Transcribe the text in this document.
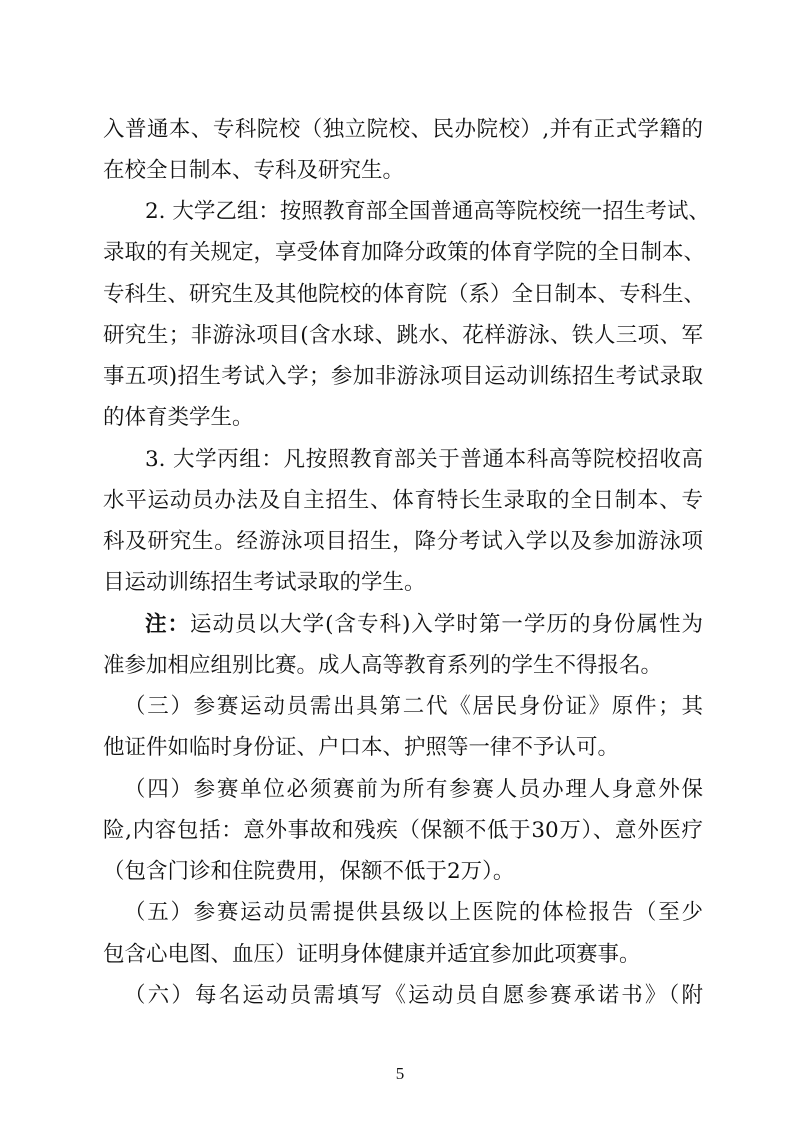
入普通本、专科院校（独立院校、民办院校）,并有正式学籍的
在校全日制本、专科及研究生。
2. 大学乙组：按照教育部全国普通高等院校统一招生考试、
录取的有关规定，享受体育加降分政策的体育学院的全日制本、
专科生、研究生及其他院校的体育院（系）全日制本、专科生、
研究生；非游泳项目(含水球、跳水、花样游泳、铁人三项、军
事五项)招生考试入学；参加非游泳项目运动训练招生考试录取
的体育类学生。
3. 大学丙组：凡按照教育部关于普通本科高等院校招收高
水平运动员办法及自主招生、体育特长生录取的全日制本、专
科及研究生。经游泳项目招生，降分考试入学以及参加游泳项
目运动训练招生考试录取的学生。
注：运动员以大学(含专科)入学时第一学历的身份属性为
准参加相应组别比赛。成人高等教育系列的学生不得报名。
（三）参赛运动员需出具第二代《居民身份证》原件；其
他证件如临时身份证、户口本、护照等一律不予认可。
（四）参赛单位必须赛前为所有参赛人员办理人身意外保
险,内容包括：意外事故和残疾（保额不低于30万）、意外医疗
（包含门诊和住院费用，保额不低于2万）。
（五）参赛运动员需提供县级以上医院的体检报告（至少
包含心电图、血压）证明身体健康并适宜参加此项赛事。
（六）每名运动员需填写《运动员自愿参赛承诺书》（附
5
